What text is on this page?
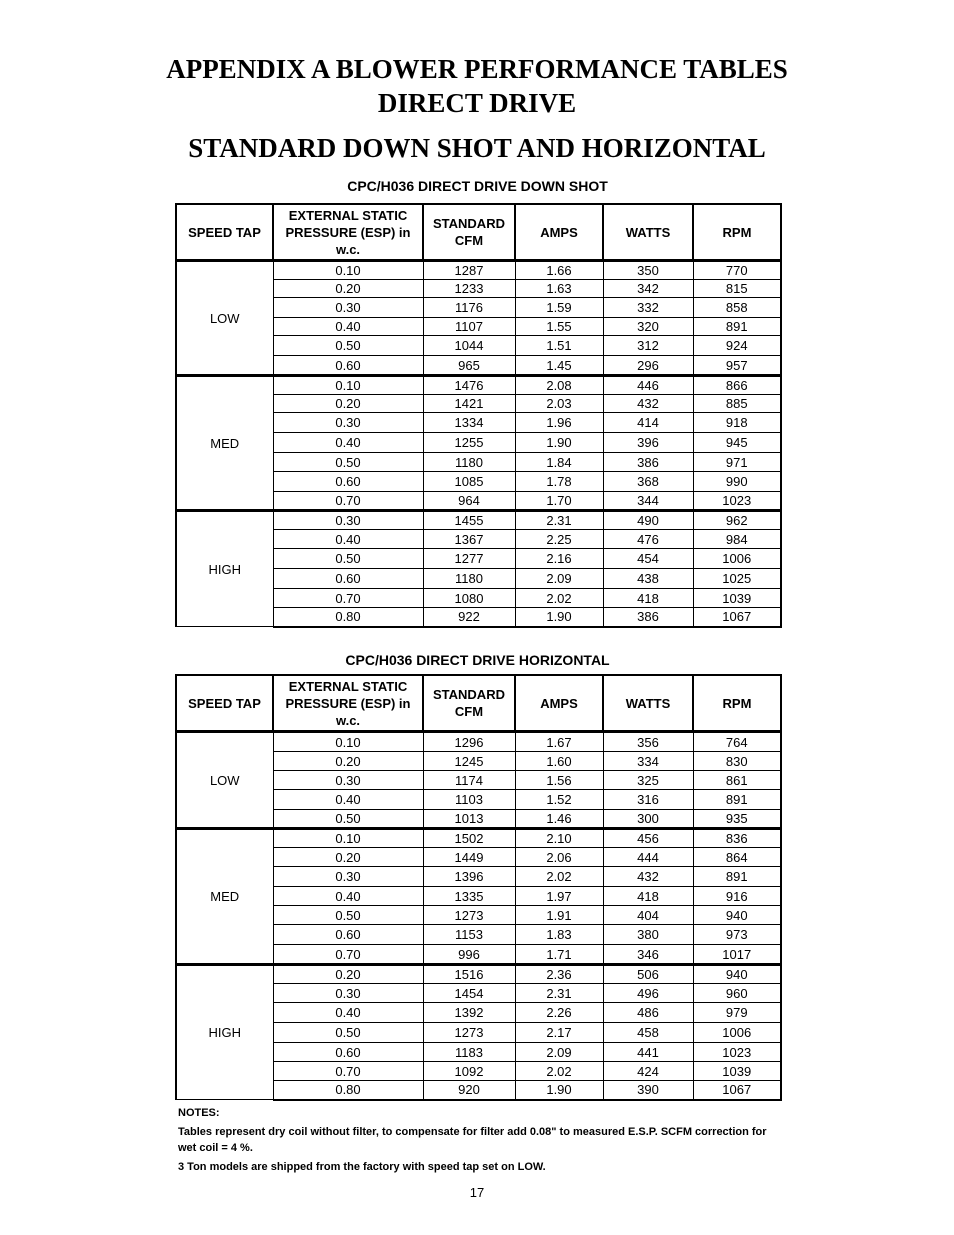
APPENDIX A BLOWER PERFORMANCE TABLES
DIRECT DRIVE
STANDARD DOWN SHOT AND HORIZONTAL
CPC/H036 DIRECT DRIVE DOWN SHOT
SPEED TAP	EXTERNAL STATIC PRESSURE (ESP) in w.c.	STANDARD CFM	AMPS	WATTS	RPM
LOW	0.10	1287	1.66	350	770
	0.20	1233	1.63	342	815
	0.30	1176	1.59	332	858
	0.40	1107	1.55	320	891
	0.50	1044	1.51	312	924
	0.60	965	1.45	296	957
MED	0.10	1476	2.08	446	866
	0.20	1421	2.03	432	885
	0.30	1334	1.96	414	918
	0.40	1255	1.90	396	945
	0.50	1180	1.84	386	971
	0.60	1085	1.78	368	990
	0.70	964	1.70	344	1023
HIGH	0.30	1455	2.31	490	962
	0.40	1367	2.25	476	984
	0.50	1277	2.16	454	1006
	0.60	1180	2.09	438	1025
	0.70	1080	2.02	418	1039
	0.80	922	1.90	386	1067
CPC/H036 DIRECT DRIVE HORIZONTAL
SPEED TAP	EXTERNAL STATIC PRESSURE (ESP) in w.c.	STANDARD CFM	AMPS	WATTS	RPM
LOW	0.10	1296	1.67	356	764
	0.20	1245	1.60	334	830
	0.30	1174	1.56	325	861
	0.40	1103	1.52	316	891
	0.50	1013	1.46	300	935
MED	0.10	1502	2.10	456	836
	0.20	1449	2.06	444	864
	0.30	1396	2.02	432	891
	0.40	1335	1.97	418	916
	0.50	1273	1.91	404	940
	0.60	1153	1.83	380	973
	0.70	996	1.71	346	1017
HIGH	0.20	1516	2.36	506	940
	0.30	1454	2.31	496	960
	0.40	1392	2.26	486	979
	0.50	1273	2.17	458	1006
	0.60	1183	2.09	441	1023
	0.70	1092	2.02	424	1039
	0.80	920	1.90	390	1067

NOTES:

Tables represent dry coil without filter, to compensate for filter add 0.08" to measured E.S.P. SCFM correction for wet coil = 4 %.

3 Ton models are shipped from the factory with speed tap set on LOW.

17
